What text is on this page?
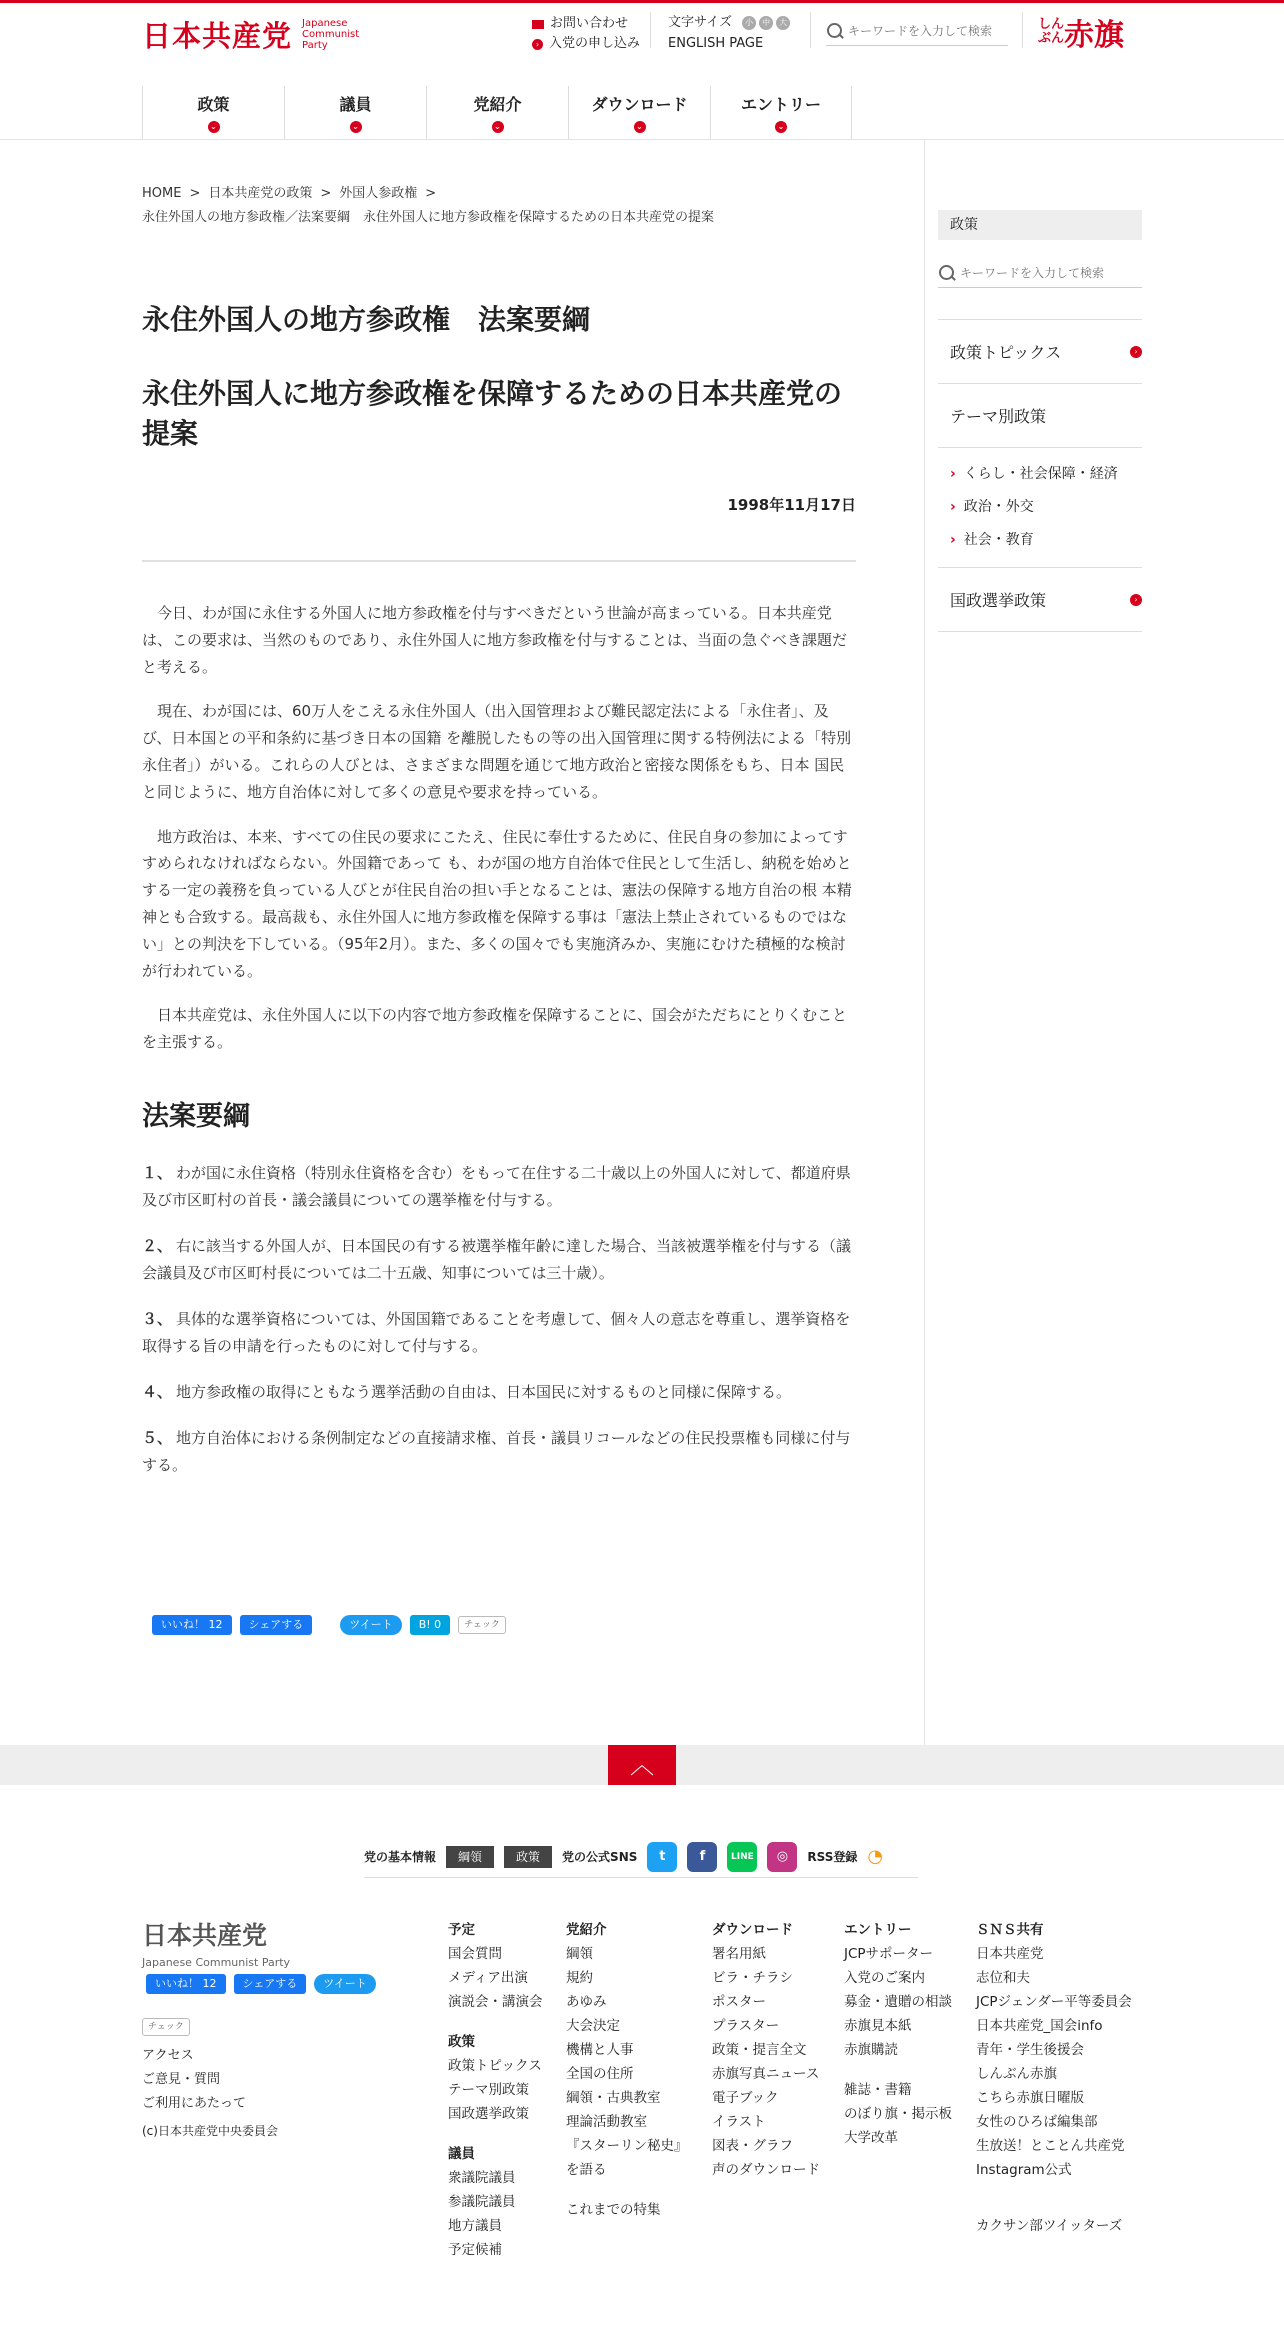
日本共産党 Japanese Communist Party
お問い合わせ
› 入党の申し込み
文字サイズ	小	中	大
ENGLISH PAGE
キーワードを入力して検索
しんぶん 赤旗
政策
⌄
議員
⌄
党紹介
⌄
ダウンロード
⌄
エントリー
⌄
HOME > 日本共産党の政策 > 外国人参政権 >
永住外国人の地方参政権／法案要綱　永住外国人に地方参政権を保障するための日本共産党の提案
永住外国人の地方参政権　法案要綱
永住外国人に地方参政権を保障するための日本共産党の提案
1998年11月17日

今日、わが国に永住する外国人に地方参政権を付与すべきだという世論が高まっている。日本共産党は、この要求は、当然のものであり、永住外国人に地方参政権を付与することは、当面の急ぐべき課題だと考える。

現在、わが国には、60万人をこえる永住外国人（出入国管理および難民認定法による「永住者」、及び、日本国との平和条約に基づき日本の国籍 を離脱したもの等の出入国管理に関する特例法による「特別永住者」）がいる。これらの人びとは、さまざまな問題を通じて地方政治と密接な関係をもち、日本 国民と同じように、地方自治体に対して多くの意見や要求を持っている。

地方政治は、本来、すべての住民の要求にこたえ、住民に奉仕するために、住民自身の参加によってすすめられなければならない。外国籍であって も、わが国の地方自治体で住民として生活し、納税を始めとする一定の義務を負っている人びとが住民自治の担い手となることは、憲法の保障する地方自治の根 本精神とも合致する。最高裁も、永住外国人に地方参政権を保障する事は「憲法上禁止されているものではない」との判決を下している。（95年2月）。また、多くの国々でも実施済みか、実施にむけた積極的な検討が行われている。

日本共産党は、永住外国人に以下の内容で地方参政権を保障することに、国会がただちにとりくむことを主張する。

法案要綱

１、 わが国に永住資格（特別永住資格を含む）をもって在住する二十歳以上の外国人に対して、都道府県及び市区町村の首長・議会議員についての選挙権を付与する。

２、 右に該当する外国人が、日本国民の有する被選挙権年齢に達した場合、当該被選挙権を付与する（議会議員及び市区町村長については二十五歳、知事については三十歳）。

３、 具体的な選挙資格については、外国国籍であることを考慮して、個々人の意志を尊重し、選挙資格を取得する旨の申請を行ったものに対して付与する。

４、 地方参政権の取得にともなう選挙活動の自由は、日本国民に対するものと同様に保障する。

５、 地方自治体における条例制定などの直接請求権、首長・議員リコールなどの住民投票権も同様に付与する。

いいね！ 12	シェアする	ツイート	B! 0	チェック
政策
キーワードを入力して検索
政策トピックス	›
テーマ別政策
› くらし・社会保障・経済
› 政治・外交
› 社会・教育
国政選挙政策	›
︿
党の基本情報	綱領	政策	党の公式SNS	t	f	LINE	◎	RSS登録 ◔
日本共産党
Japanese Communist Party
いいね！ 12	シェアする	ツイート
チェック
アクセス
ご意見・質問
ご利用にあたって
(c)日本共産党中央委員会
予定
国会質問
メディア出演
演説会・講演会
政策
政策トピックス
テーマ別政策
国政選挙政策
議員
衆議院議員
参議院議員
地方議員
予定候補
党紹介
綱領
規約
あゆみ
大会決定
機構と人事
全国の住所
綱領・古典教室
理論活動教室
『スターリン秘史』
を語る
これまでの特集
ダウンロード
署名用紙
ビラ・チラシ
ポスター
プラスター
政策・提言全文
赤旗写真ニュース
電子ブック
イラスト
図表・グラフ
声のダウンロード
エントリー
JCPサポーター
入党のご案内
募金・遺贈の相談
赤旗見本紙
赤旗購読
雑誌・書籍
のぼり旗・掲示板
大学改革
ＳＮＳ共有
日本共産党
志位和夫
JCPジェンダー平等委員会
日本共産党_国会info
青年・学生後援会
しんぶん赤旗
こちら赤旗日曜版
女性のひろば編集部
生放送！とことん共産党
Instagram公式
カクサン部ツイッターズ
